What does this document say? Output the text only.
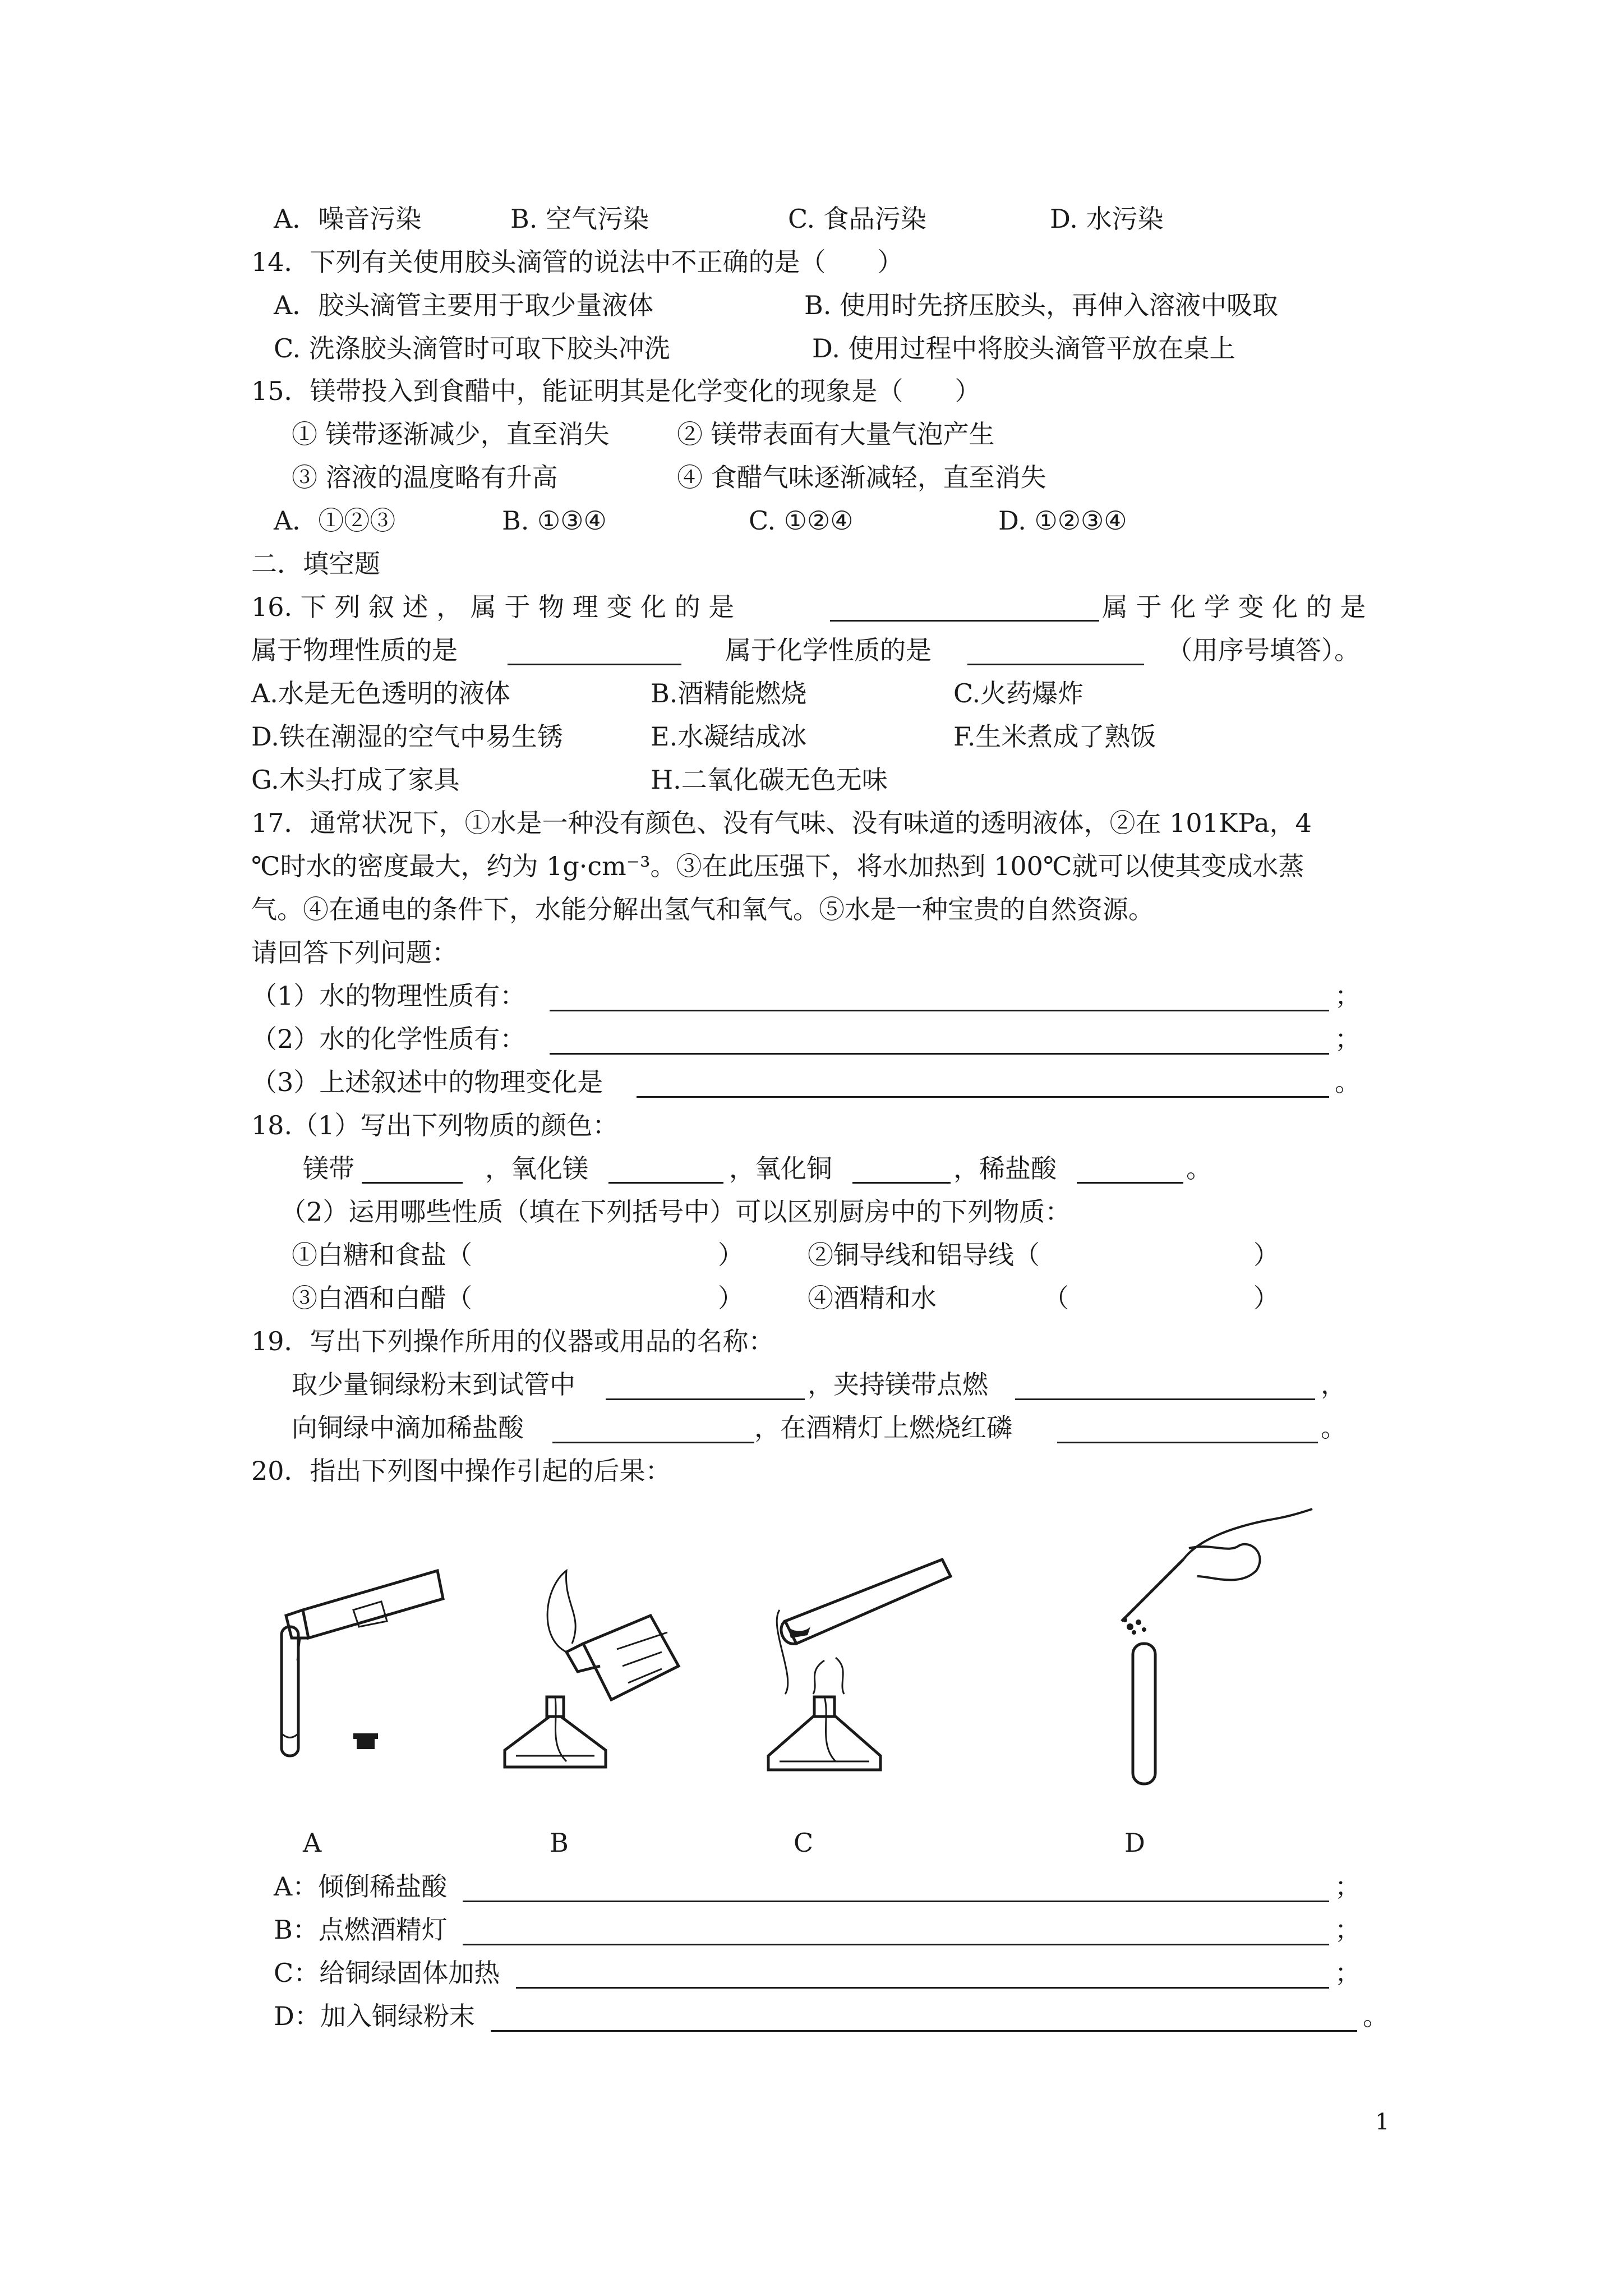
A．噪音污染	B. 空气污染	C. 食品污染	D. 水污染
14．下列有关使用胶头滴管的说法中不正确的是（　　）
A．胶头滴管主要用于取少量液体	B. 使用时先挤压胶头，再伸入溶液中吸取
C. 洗涤胶头滴管时可取下胶头冲洗	D. 使用过程中将胶头滴管平放在桌上
15．镁带投入到食醋中，能证明其是化学变化的现象是（　　）
① 镁带逐渐减少，直至消失	② 镁带表面有大量气泡产生
③ 溶液的温度略有升高	④ 食醋气味逐渐减轻，直至消失
A．①②③	B. ①③④	C. ①②④	D. ①②③④
二．填空题
16. 下 列 叙 述 ， 属 于 物 理 变 化 的 是	属 于 化 学 变 化 的 是
属于物理性质的是	属于化学性质的是	（用序号填答）。
A.水是无色透明的液体	B.酒精能燃烧	C.火药爆炸
D.铁在潮湿的空气中易生锈	E.水凝结成冰	F.生米煮成了熟饭
G.木头打成了家具	H.二氧化碳无色无味
17．通常状况下，①水是一种没有颜色、没有气味、没有味道的透明液体，②在 101KPa，4
℃时水的密度最大，约为 1g·cm⁻³。③在此压强下，将水加热到 100℃就可以使其变成水蒸
气。④在通电的条件下，水能分解出氢气和氧气。⑤水是一种宝贵的自然资源。
请回答下列问题：
（1）水的物理性质有：	；
（2）水的化学性质有：	；
（3）上述叙述中的物理变化是	。
18.（1）写出下列物质的颜色：
镁带	，氧化镁	，氧化铜	，稀盐酸	。
（2）运用哪些性质（填在下列括号中）可以区别厨房中的下列物质：
①白糖和食盐（	） ②铜导线和铝导线（	）
③白酒和白醋（	） ④酒精和水	（	）
19．写出下列操作所用的仪器或用品的名称：
取少量铜绿粉末到试管中	，夹持镁带点燃	，
向铜绿中滴加稀盐酸	，在酒精灯上燃烧红磷	。
20．指出下列图中操作引起的后果：
A	B	C	D
A：倾倒稀盐酸	；
B：点燃酒精灯	；
C：给铜绿固体加热	；
D：加入铜绿粉末	。
1
